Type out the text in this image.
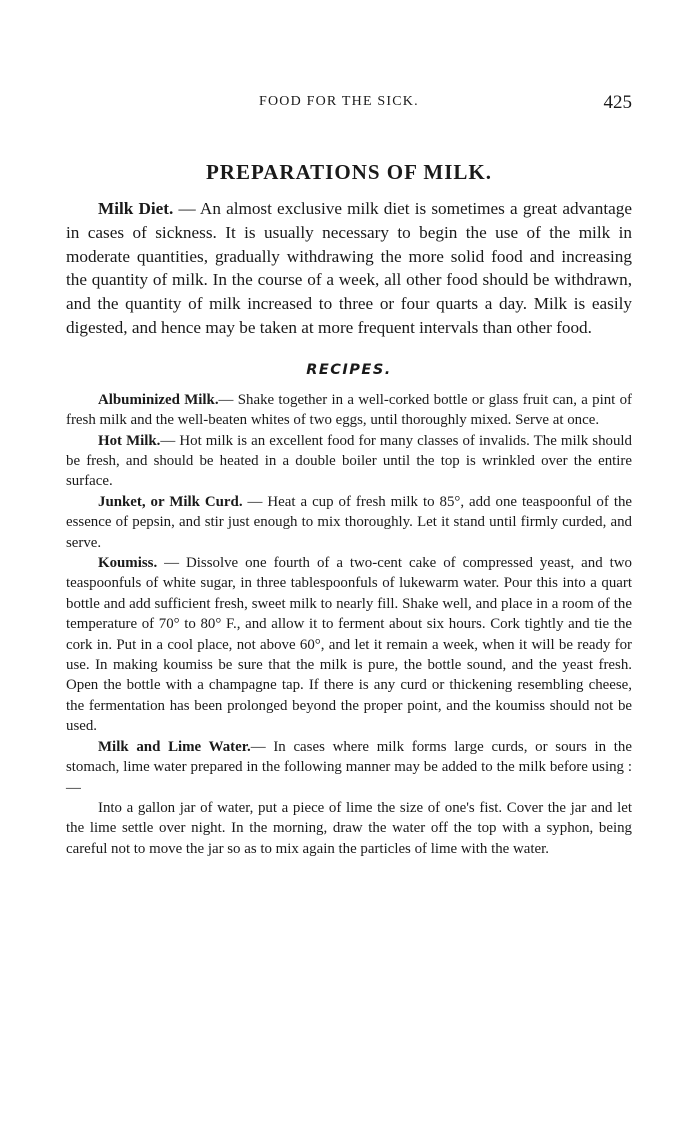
FOOD FOR THE SICK.	425
PREPARATIONS OF MILK.

Milk Diet. — An almost exclusive milk diet is sometimes a great advantage in cases of sickness. It is usually necessary to begin the use of the milk in moderate quantities, gradually withdrawing the more solid food and increasing the quantity of milk. In the course of a week, all other food should be withdrawn, and the quantity of milk increased to three or four quarts a day. Milk is easily digested, and hence may be taken at more frequent intervals than other food.

RECIPES.

Albuminized Milk.— Shake together in a well-corked bottle or glass fruit can, a pint of fresh milk and the well-beaten whites of two eggs, until thoroughly mixed. Serve at once.

Hot Milk.— Hot milk is an excellent food for many classes of invalids. The milk should be fresh, and should be heated in a double boiler until the top is wrinkled over the entire surface.

Junket, or Milk Curd. — Heat a cup of fresh milk to 85°, add one teaspoonful of the essence of pepsin, and stir just enough to mix thoroughly. Let it stand until firmly curded, and serve.

Koumiss. — Dissolve one fourth of a two-cent cake of compressed yeast, and two teaspoonfuls of white sugar, in three tablespoonfuls of lukewarm water. Pour this into a quart bottle and add sufficient fresh, sweet milk to nearly fill. Shake well, and place in a room of the temperature of 70° to 80° F., and allow it to ferment about six hours. Cork tightly and tie the cork in. Put in a cool place, not above 60°, and let it remain a week, when it will be ready for use. In making koumiss be sure that the milk is pure, the bottle sound, and the yeast fresh. Open the bottle with a champagne tap. If there is any curd or thickening resembling cheese, the fermentation has been prolonged beyond the proper point, and the koumiss should not be used.

Milk and Lime Water.— In cases where milk forms large curds, or sours in the stomach, lime water prepared in the following manner may be added to the milk before using : —

Into a gallon jar of water, put a piece of lime the size of one's fist. Cover the jar and let the lime settle over night. In the morning, draw the water off the top with a syphon, being careful not to move the jar so as to mix again the particles of lime with the water.
